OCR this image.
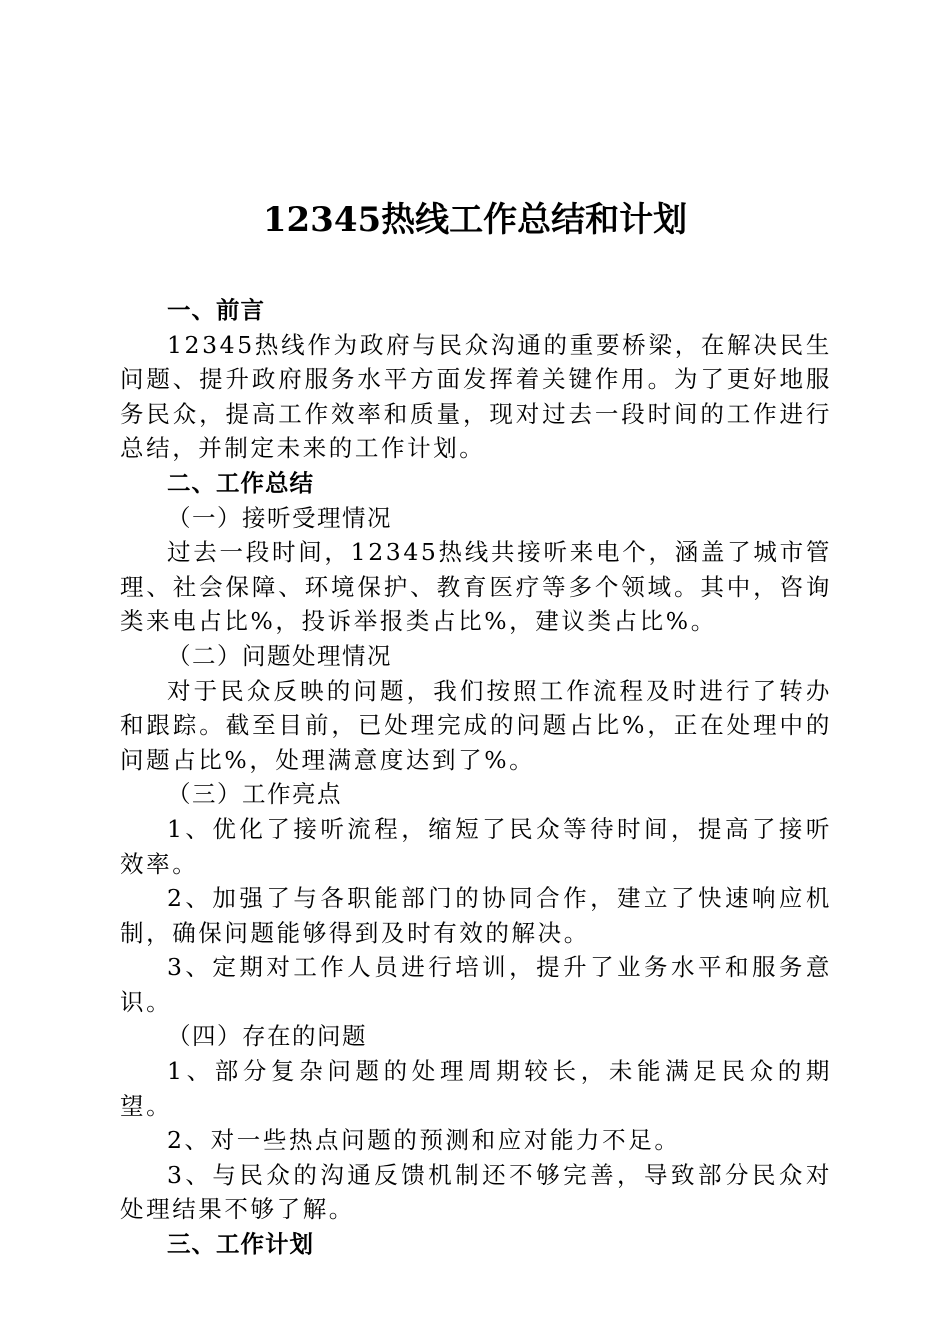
12345热线工作总结和计划

一、前言

12345热线作为政府与民众沟通的重要桥梁，在解决民生问题、提升政府服务水平方面发挥着关键作用。为了更好地服务民众，提高工作效率和质量，现对过去一段时间的工作进行总结，并制定未来的工作计划。

二、工作总结

（一）接听受理情况

过去一段时间，12345热线共接听来电个，涵盖了城市管理、社会保障、环境保护、教育医疗等多个领域。其中，咨询类来电占比%，投诉举报类占比%，建议类占比%。

（二）问题处理情况

对于民众反映的问题，我们按照工作流程及时进行了转办和跟踪。截至目前，已处理完成的问题占比%，正在处理中的问题占比%，处理满意度达到了%。

（三）工作亮点

1、优化了接听流程，缩短了民众等待时间，提高了接听效率。

2、加强了与各职能部门的协同合作，建立了快速响应机制，确保问题能够得到及时有效的解决。

3、定期对工作人员进行培训，提升了业务水平和服务意识。

（四）存在的问题

1、部分复杂问题的处理周期较长，未能满足民众的期望。

2、对一些热点问题的预测和应对能力不足。

3、与民众的沟通反馈机制还不够完善，导致部分民众对处理结果不够了解。

三、工作计划
